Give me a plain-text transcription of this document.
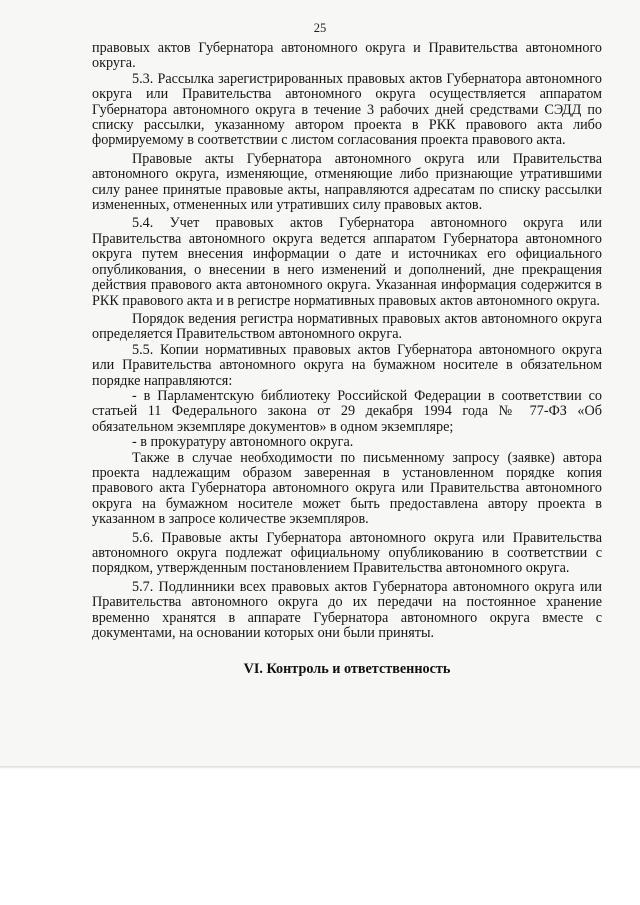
25

правовых актов Губернатора автономного округа и Правительства автономного округа.

5.3. Рассылка зарегистрированных правовых актов Губернатора автономного округа или Правительства автономного округа осуществляется аппаратом Губернатора автономного округа в течение 3 рабочих дней средствами СЭДД по списку рассылки, указанному автором проекта в РКК правового акта либо формируемому в соответствии с листом согласования проекта правового акта.

Правовые акты Губернатора автономного округа или Правительства автономного округа, изменяющие, отменяющие либо признающие утратившими силу ранее принятые правовые акты, направляются адресатам по списку рассылки измененных, отмененных или утративших силу правовых актов.

5.4. Учет правовых актов Губернатора автономного округа или Правительства автономного округа ведется аппаратом Губернатора автономного округа путем внесения информации о дате и источниках его официального опубликования, о внесении в него изменений и дополнений, дне прекращения действия правового акта автономного округа. Указанная информация содержится в РКК правового акта и в регистре нормативных правовых актов автономного округа.

Порядок ведения регистра нормативных правовых актов автономного округа определяется Правительством автономного округа.

5.5. Копии нормативных правовых актов Губернатора автономного округа или Правительства автономного округа на бумажном носителе в обязательном порядке направляются:

- в Парламентскую библиотеку Российской Федерации в соответствии со статьей 11 Федерального закона от 29 декабря 1994 года № 77-ФЗ «Об обязательном экземпляре документов» в одном экземпляре;

- в прокуратуру автономного округа.

Также в случае необходимости по письменному запросу (заявке) автора проекта надлежащим образом заверенная в установленном порядке копия правового акта Губернатора автономного округа или Правительства автономного округа на бумажном носителе может быть предоставлена автору проекта в указанном в запросе количестве экземпляров.

5.6. Правовые акты Губернатора автономного округа или Правительства автономного округа подлежат официальному опубликованию в соответствии с порядком, утвержденным постановлением Правительства автономного округа.

5.7. Подлинники всех правовых актов Губернатора автономного округа или Правительства автономного округа до их передачи на постоянное хранение временно хранятся в аппарате Губернатора автономного округа вместе с документами, на основании которых они были приняты.

VI. Контроль и ответственность
